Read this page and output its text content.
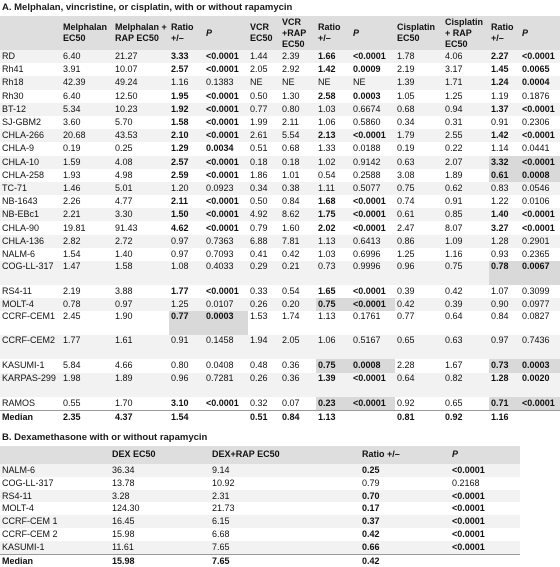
A. Melphalan, vincristine, or cisplatin, with or without rapamycin
	Melphalan EC50	Melphalan + RAP EC50	Ratio +/–	P	VCR EC50	VCR +RAP EC50	Ratio +/–	P	Cisplatin EC50	Cisplatin + RAP EC50	Ratio +/–	P
RD	6.40	21.27	3.33	<0.0001	1.44	2.39	1.66	<0.0001	1.78	4.06	2.27	<0.0001
Rh41	3.91	10.07	2.57	<0.0001	2.05	2.92	1.42	0.0009	2.19	3.17	1.45	0.0065
Rh18	42.39	49.24	1.16	0.1383	NE	NE	NE	NE	1.39	1.71	1.24	0.0004
Rh30	6.40	12.50	1.95	<0.0001	0.50	1.30	2.58	0.0003	1.05	1.25	1.19	0.1876
BT-12	5.34	10.23	1.92	<0.0001	0.77	0.80	1.03	0.6674	0.68	0.94	1.37	<0.0001
SJ-GBM2	3.60	5.70	1.58	<0.0001	1.99	2.11	1.06	0.5860	0.34	0.31	0.91	0.2306
CHLA-266	20.68	43.53	2.10	<0.0001	2.61	5.54	2.13	<0.0001	1.79	2.55	1.42	<0.0001
CHLA-9	0.19	0.25	1.29	0.0034	0.51	0.68	1.33	0.0188	0.19	0.22	1.14	0.0441
CHLA-10	1.59	4.08	2.57	<0.0001	0.18	0.18	1.02	0.9142	0.63	2.07	3.32	<0.0001
CHLA-258	1.93	4.98	2.59	<0.0001	1.86	1.01	0.54	0.2588	3.08	1.89	0.61	0.0008
TC-71	1.46	5.01	1.20	0.0923	0.34	0.38	1.11	0.5077	0.75	0.62	0.83	0.0546
NB-1643	2.26	4.77	2.11	<0.0001	0.50	0.84	1.68	<0.0001	0.74	0.91	1.22	0.0106
NB-EBc1	2.21	3.30	1.50	<0.0001	4.92	8.62	1.75	<0.0001	0.61	0.85	1.40	<0.0001
CHLA-90	19.81	91.43	4.62	<0.0001	0.79	1.60	2.02	<0.0001	2.47	8.07	3.27	<0.0001
CHLA-136	2.82	2.72	0.97	0.7363	6.88	7.81	1.13	0.6413	0.86	1.09	1.28	0.2901
NALM-6	1.54	1.40	0.97	0.7093	0.41	0.42	1.03	0.6996	1.25	1.16	0.93	0.2365
COG-LL-317	1.47	1.58	1.08	0.4033	0.29	0.21	0.73	0.9996	0.96	0.75	0.78	0.0067
RS4-11	2.19	3.88	1.77	<0.0001	0.33	0.54	1.65	<0.0001	0.39	0.42	1.07	0.3099
MOLT-4	0.78	0.97	1.25	0.0107	0.26	0.20	0.75	<0.0001	0.42	0.39	0.90	0.0977
CCRF-CEM1	2.45	1.90	0.77	0.0003	1.53	1.74	1.13	0.1761	0.77	0.64	0.84	0.0827
CCRF-CEM2	1.77	1.61	0.91	0.1458	1.94	2.05	1.06	0.5167	0.65	0.63	0.97	0.7436
KASUMI-1	5.84	4.66	0.80	0.0408	0.48	0.36	0.75	0.0008	2.28	1.67	0.73	0.0003
KARPAS-299	1.98	1.89	0.96	0.7281	0.26	0.36	1.39	<0.0001	0.64	0.82	1.28	0.0020
RAMOS	0.55	1.70	3.10	<0.0001	0.32	0.07	0.23	<0.0001	0.92	0.65	0.71	<0.0001
Median	2.35	4.37	1.54		0.51	0.84	1.13		0.81	0.92	1.16	
B. Dexamethasone with or without rapamycin
	DEX EC50	DEX+RAP EC50	Ratio +/–	P
NALM-6	36.34	9.14	0.25	<0.0001
COG-LL-317	13.78	10.92	0.79	0.2168
RS4-11	3.28	2.31	0.70	<0.0001
MOLT-4	124.30	21.73	0.17	<0.0001
CCRF-CEM 1	16.45	6.15	0.37	<0.0001
CCRF-CEM 2	15.98	6.68	0.42	<0.0001
KASUMI-1	11.61	7.65	0.66	<0.0001
Median	15.98	7.65	0.42	
